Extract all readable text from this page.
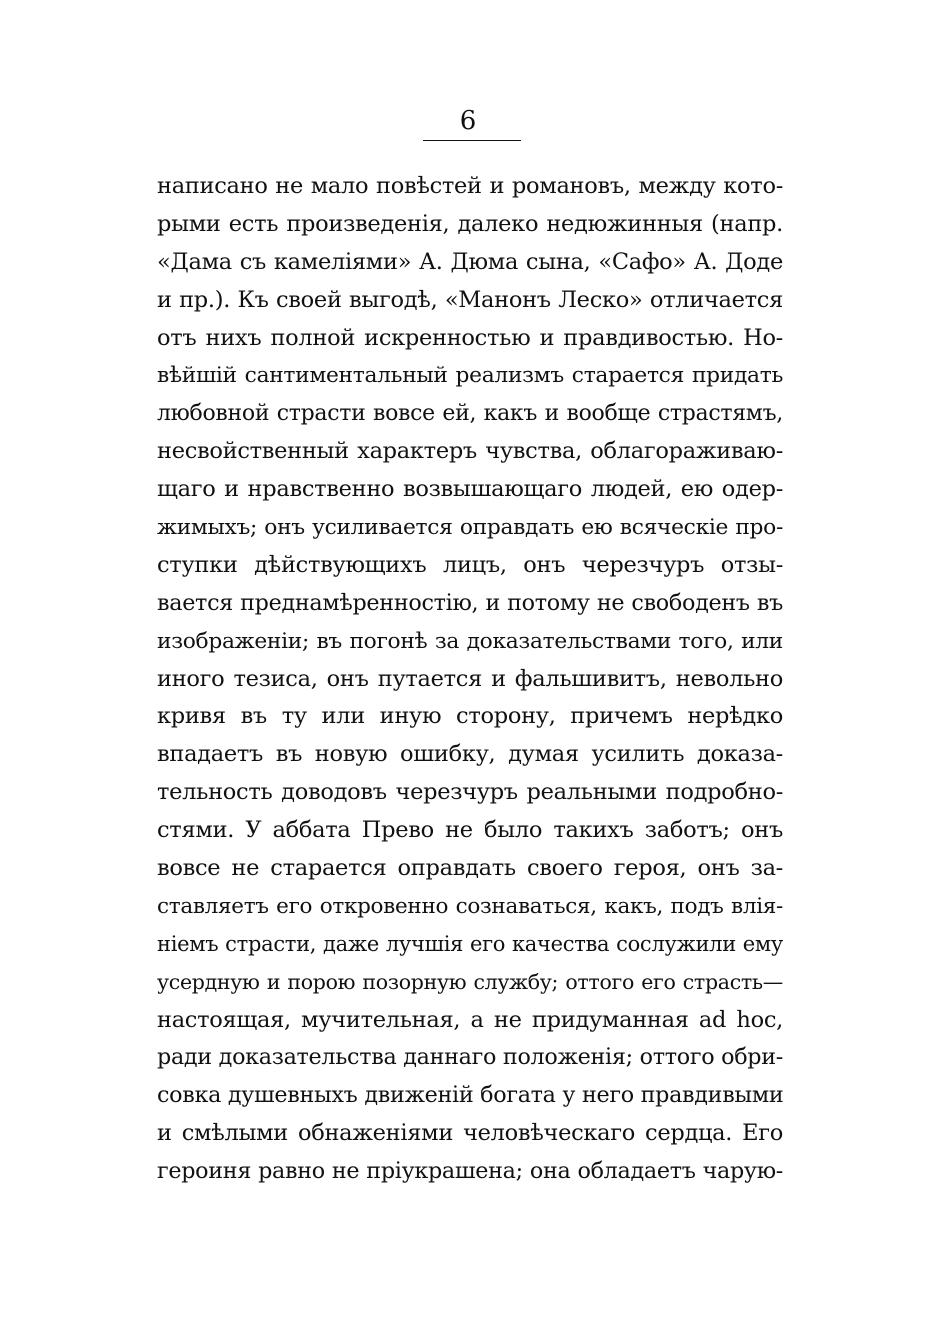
6
написано не мало повѣстей и романовъ, между кото-
рыми есть произведенія, далеко недюжинныя (напр.
«Дама съ камеліями» А. Дюма сына, «Сафо» А. Доде
и пр.). Къ своей выгодѣ, «Манонъ Леско» отличается
отъ нихъ полной искренностью и правдивостью. Но-
вѣйшій сантиментальный реализмъ старается придать
любовной страсти вовсе ей, какъ и вообще страстямъ,
несвойственный характеръ чувства, облагораживаю-
щаго и нравственно возвышающаго людей, ею одер-
жимыхъ; онъ усиливается оправдать ею всяческіе про-
ступки дѣйствующихъ лицъ, онъ черезчуръ отзы-
вается преднамѣренностію, и потому не свободенъ въ
изображеніи; въ погонѣ за доказательствами того, или
иного тезиса, онъ путается и фальшивитъ, невольно
кривя въ ту или иную сторону, причемъ нерѣдко
впадаетъ въ новую ошибку, думая усилить доказа-
тельность доводовъ черезчуръ реальными подробно-
стями. У аббата Прево не было такихъ заботъ; онъ
вовсе не старается оправдать своего героя, онъ за-
ставляетъ его откровенно сознаваться, какъ, подъ влія-
ніемъ страсти, даже лучшія его качества сослужили ему
усердную и порою позорную службу; оттого его страсть—
настоящая, мучительная, а не придуманная ad hoc,
ради доказательства даннаго положенія; оттого обри-
совка душевныхъ движеній богата у него правдивыми
и смѣлыми обнаженіями человѣческаго сердца. Его
героиня равно не пріукрашена; она обладаетъ чарую-
